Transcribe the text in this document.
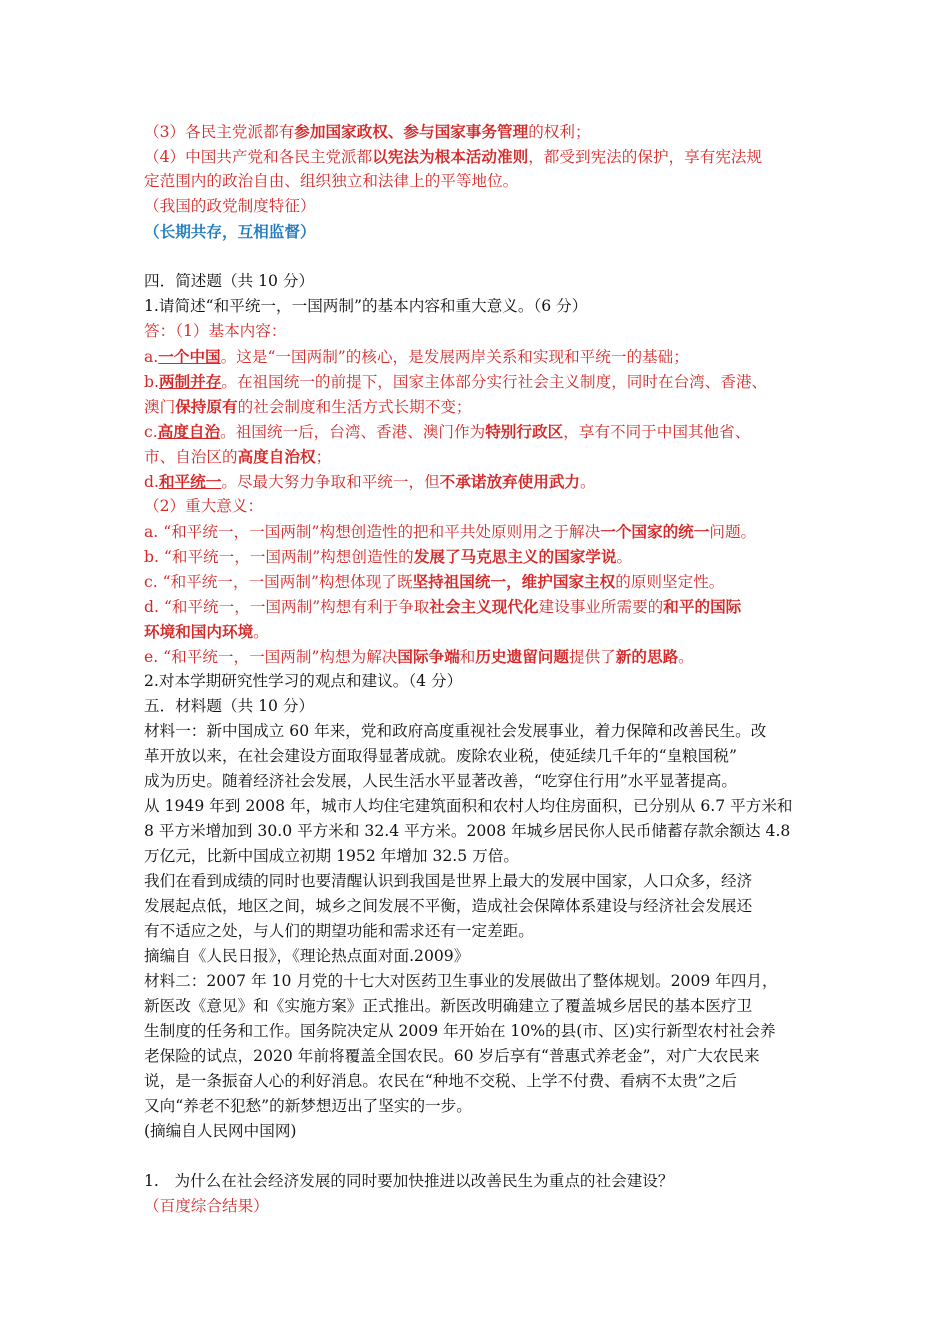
（3）各民主党派都有参加国家政权、参与国家事务管理的权利；
（4）中国共产党和各民主党派都以宪法为根本活动准则，都受到宪法的保护，享有宪法规
定范围内的政治自由、组织独立和法律上的平等地位。
（我国的政党制度特征）
（长期共存，互相监督）
四．简述题（共 10 分）
1.请简述“和平统一，一国两制”的基本内容和重大意义。（6 分）
答：（1）基本内容：
a.一个中国。这是“一国两制”的核心，是发展两岸关系和实现和平统一的基础；
b.两制并存。在祖国统一的前提下，国家主体部分实行社会主义制度，同时在台湾、香港、
澳门保持原有的社会制度和生活方式长期不变；
c.高度自治。祖国统一后，台湾、香港、澳门作为特别行政区，享有不同于中国其他省、
市、自治区的高度自治权；
d.和平统一。尽最大努力争取和平统一，但不承诺放弃使用武力。
（2）重大意义：
a. “和平统一，一国两制”构想创造性的把和平共处原则用之于解决一个国家的统一问题。
b. “和平统一，一国两制”构想创造性的发展了马克思主义的国家学说。
c. “和平统一，一国两制”构想体现了既坚持祖国统一，维护国家主权的原则坚定性。
d. “和平统一，一国两制”构想有利于争取社会主义现代化建设事业所需要的和平的国际
环境和国内环境。
e. “和平统一，一国两制”构想为解决国际争端和历史遗留问题提供了新的思路。
2.对本学期研究性学习的观点和建议。（4 分）
五．材料题（共 10 分）
材料一：新中国成立 60 年来，党和政府高度重视社会发展事业，着力保障和改善民生。改
革开放以来，在社会建设方面取得显著成就。废除农业税，使延续几千年的“皇粮国税”
成为历史。随着经济社会发展，人民生活水平显著改善，“吃穿住行用”水平显著提高。
从 1949 年到 2008 年，城市人均住宅建筑面积和农村人均住房面积，已分别从 6.7 平方米和
8 平方米增加到 30.0 平方米和 32.4 平方米。2008 年城乡居民你人民币储蓄存款余额达 4.8
万亿元，比新中国成立初期 1952 年增加 32.5 万倍。
我们在看到成绩的同时也要清醒认识到我国是世界上最大的发展中国家，人口众多，经济
发展起点低，地区之间，城乡之间发展不平衡，造成社会保障体系建设与经济社会发展还
有不适应之处，与人们的期望功能和需求还有一定差距。
摘编自《人民日报》，《理论热点面对面.2009》
材料二：2007 年 10 月党的十七大对医药卫生事业的发展做出了整体规划。2009 年四月，
新医改《意见》和《实施方案》正式推出。新医改明确建立了覆盖城乡居民的基本医疗卫
生制度的任务和工作。国务院决定从 2009 年开始在 10%的县(市、区)实行新型农村社会养
老保险的试点，2020 年前将覆盖全国农民。60 岁后享有“普惠式养老金”，对广大农民来
说，是一条振奋人心的利好消息。农民在“种地不交税、上学不付费、看病不太贵”之后
又向“养老不犯愁”的新梦想迈出了坚实的一步。
(摘编自人民网中国网)
1.　为什么在社会经济发展的同时要加快推进以改善民生为重点的社会建设？
（百度综合结果）
